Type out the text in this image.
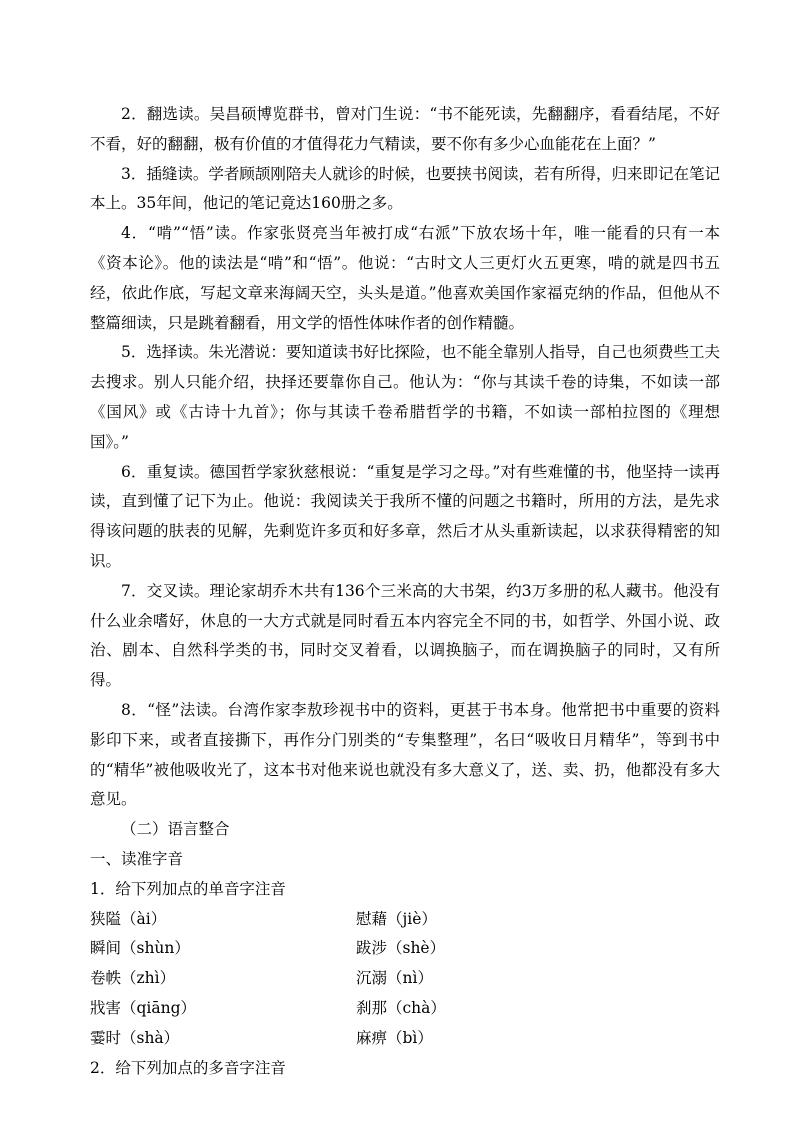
2．翻选读。吴昌硕博览群书，曾对门生说：“书不能死读，先翻翻序，看看结尾，不好不看，好的翻翻，极有价值的才值得花力气精读，要不你有多少心血能花在上面？”

3．插缝读。学者顾颉刚陪夫人就诊的时候，也要挟书阅读，若有所得，归来即记在笔记本上。35年间，他记的笔记竟达160册之多。

4．“啃”“悟”读。作家张贤亮当年被打成“右派”下放农场十年，唯一能看的只有一本《资本论》。他的读法是“啃”和“悟”。他说：“古时文人三更灯火五更寒，啃的就是四书五经，依此作底，写起文章来海阔天空，头头是道。”他喜欢美国作家福克纳的作品，但他从不整篇细读，只是跳着翻看，用文学的悟性体味作者的创作精髓。

5．选择读。朱光潜说：要知道读书好比探险，也不能全靠别人指导，自己也须费些工夫去搜求。别人只能介绍，抉择还要靠你自己。他认为：“你与其读千卷的诗集，不如读一部《国风》或《古诗十九首》；你与其读千卷希腊哲学的书籍，不如读一部柏拉图的《理想国》。”

6．重复读。德国哲学家狄慈根说：“重复是学习之母。”对有些难懂的书，他坚持一读再读，直到懂了记下为止。他说：我阅读关于我所不懂的问题之书籍时，所用的方法，是先求得该问题的肤表的见解，先剩览许多页和好多章，然后才从头重新读起，以求获得精密的知识。

7．交叉读。理论家胡乔木共有136个三米高的大书架，约3万多册的私人藏书。他没有什么业余嗜好，休息的一大方式就是同时看五本内容完全不同的书，如哲学、外国小说、政治、剧本、自然科学类的书，同时交叉着看，以调换脑子，而在调换脑子的同时，又有所得。

8．“怪”法读。台湾作家李敖珍视书中的资料，更甚于书本身。他常把书中重要的资料影印下来，或者直接撕下，再作分门别类的“专集整理”，名曰“吸收日月精华”，等到书中的“精华”被他吸收光了，这本书对他来说也就没有多大意义了，送、卖、扔，他都没有多大意见。

（二）语言整合

一、读准字音

1．给下列加点的单音字注音

狭隘（ài）	慰藉（jiè）
瞬间（shùn）	跋涉（shè）
卷帙（zhì）	沉溺（nì）
戕害（qiāng）	刹那（chà）
霎时（shà）	麻痹（bì）

2．给下列加点的多音字注音
